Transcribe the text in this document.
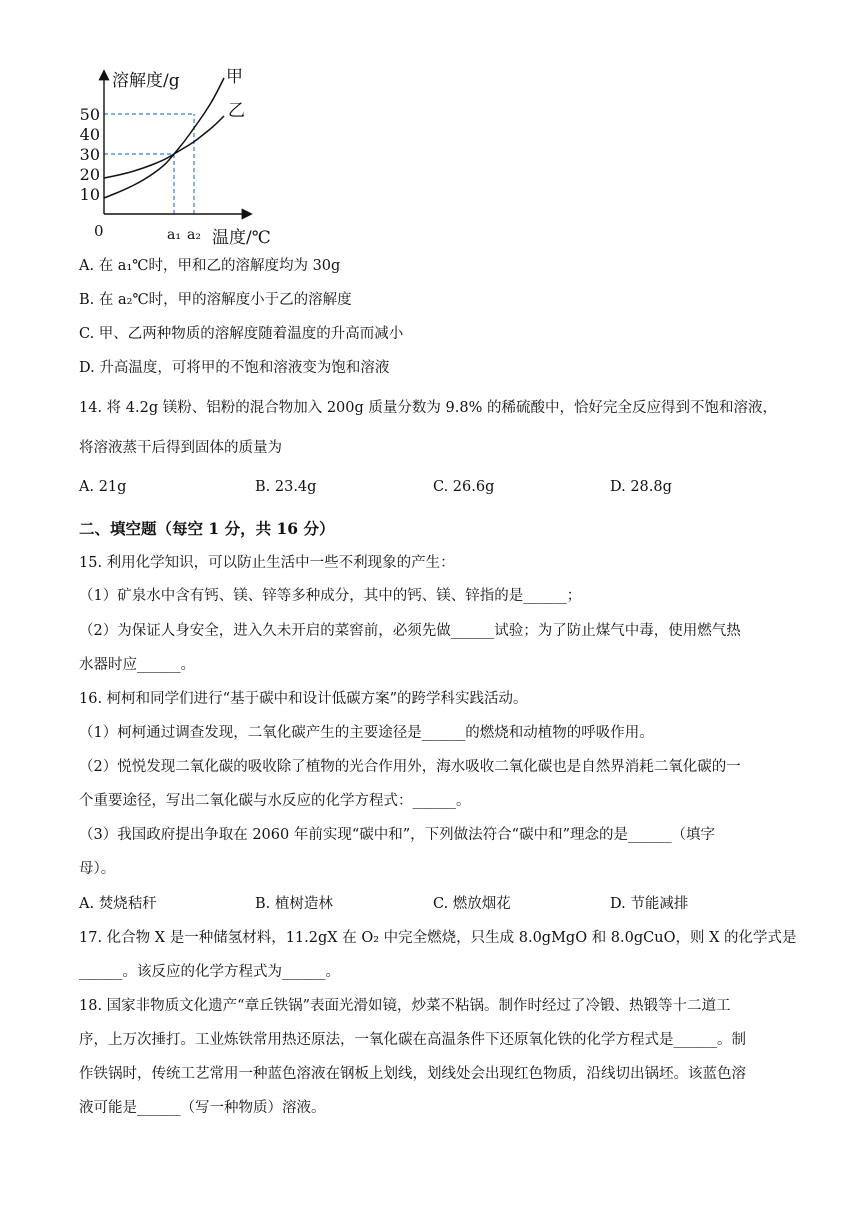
甲
乙
10
20
30
40
50
a₁ a₂
溶解度/g
温度/℃
0
A. 在 a₁℃时，甲和乙的溶解度均为 30g
B. 在 a₂℃时，甲的溶解度小于乙的溶解度
C. 甲、乙两种物质的溶解度随着温度的升高而减小
D. 升高温度，可将甲的不饱和溶液变为饱和溶液
14. 将 4.2g 镁粉、铝粉的混合物加入 200g 质量分数为 9.8% 的稀硫酸中，恰好完全反应得到不饱和溶液，
将溶液蒸干后得到固体的质量为
A. 21g	B. 23.4g	C. 26.6g	D. 28.8g
二、填空题（每空 1 分，共 16 分）
15. 利用化学知识，可以防止生活中一些不利现象的产生：
（1）矿泉水中含有钙、镁、锌等多种成分，其中的钙、镁、锌指的是______；
（2）为保证人身安全，进入久未开启的菜窖前，必须先做______试验；为了防止煤气中毒，使用燃气热
水器时应______。
16. 柯柯和同学们进行“基于碳中和设计低碳方案”的跨学科实践活动。
（1）柯柯通过调查发现，二氧化碳产生的主要途径是______的燃烧和动植物的呼吸作用。
（2）悦悦发现二氧化碳的吸收除了植物的光合作用外，海水吸收二氧化碳也是自然界消耗二氧化碳的一
个重要途径，写出二氧化碳与水反应的化学方程式：______。
（3）我国政府提出争取在 2060 年前实现“碳中和”，下列做法符合“碳中和”理念的是______（填字
母）。
A. 焚烧秸秆	B. 植树造林	C. 燃放烟花	D. 节能减排
17. 化合物 X 是一种储氢材料，11.2gX 在 O₂ 中完全燃烧，只生成 8.0gMgO 和 8.0gCuO，则 X 的化学式是
______。该反应的化学方程式为______。
18. 国家非物质文化遗产“章丘铁锅”表面光滑如镜，炒菜不粘锅。制作时经过了冷锻、热锻等十二道工
序，上万次捶打。工业炼铁常用热还原法，一氧化碳在高温条件下还原氧化铁的化学方程式是______。制
作铁锅时，传统工艺常用一种蓝色溶液在钢板上划线，划线处会出现红色物质，沿线切出锅坯。该蓝色溶
液可能是______（写一种物质）溶液。
